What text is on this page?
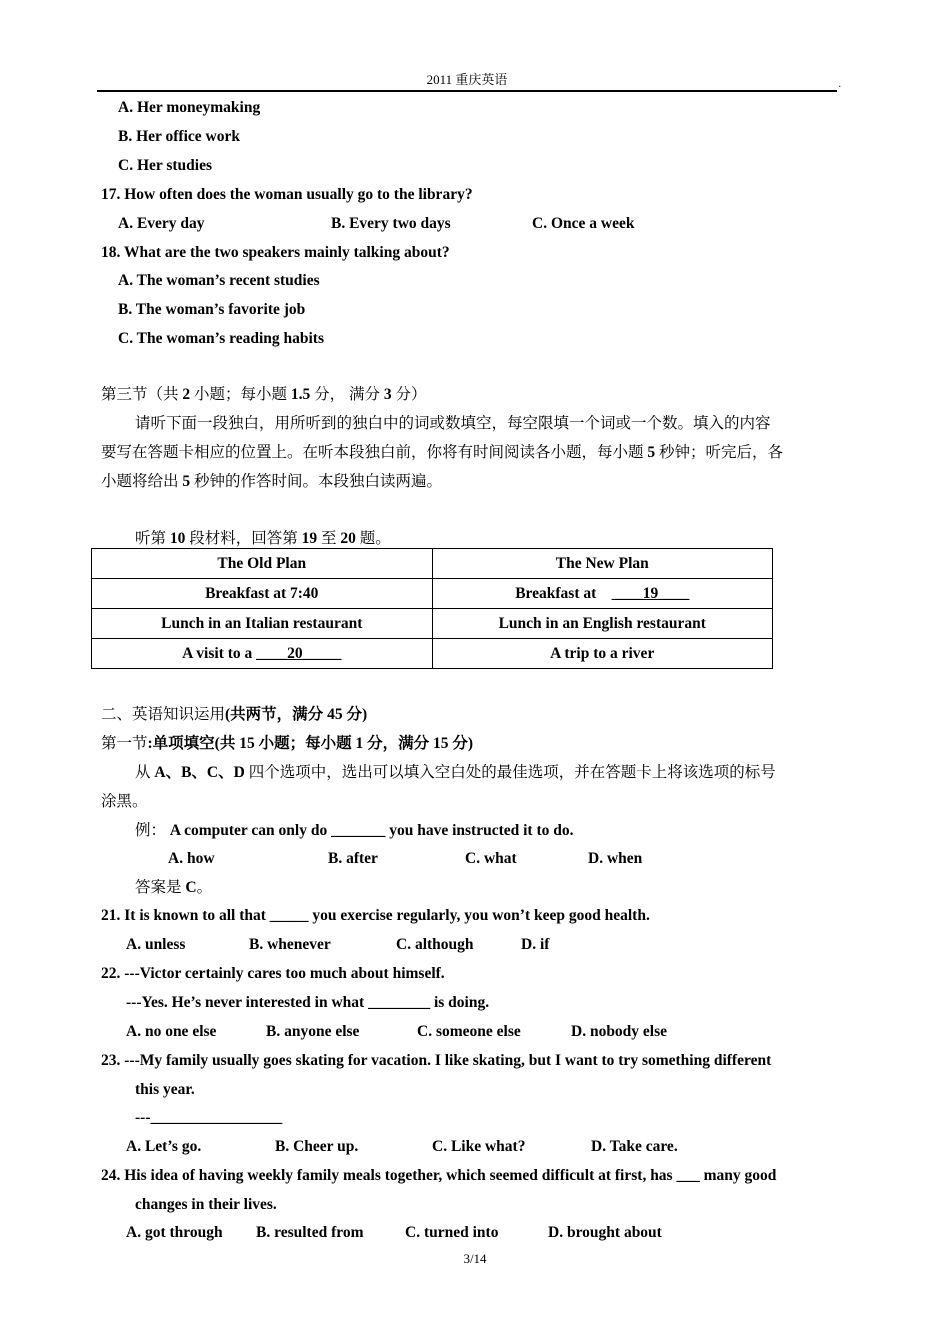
2011 重庆英语	.
A. Her moneymaking
B. Her office work
C. Her studies
17. How often does the woman usually go to the library?
A. Every day	B. Every two days	C. Once a week
18. What are the two speakers mainly talking about?
A. The woman’s recent studies
B. The woman’s favorite job
C. The woman’s reading habits
第三节（共 2 小题；每小题 1.5 分， 满分 3 分）
请听下面一段独白，用所听到的独白中的词或数填空，每空限填一个词或一个数。填入的内容
要写在答题卡相应的位置上。在听本段独白前，你将有时间阅读各小题，每小题 5 秒钟；听完后，各
小题将给出 5 秒钟的作答时间。本段独白读两遍。
听第 10 段材料，回答第 19 至 20 题。
The Old Plan	The New Plan
Breakfast at 7:40	Breakfast at ____19____
Lunch in an Italian restaurant	Lunch in an English restaurant
A visit to a ____20_____	A trip to a river
二、英语知识运用(共两节，满分 45 分)
第一节:单项填空(共 15 小题；每小题 1 分，满分 15 分)
从 A、B、C、D 四个选项中，选出可以填入空白处的最佳选项，并在答题卡上将该选项的标号
涂黑。
例： A computer can only do _______ you have instructed it to do.
A. how	B. after	C. what	D. when
答案是 C。
21. It is known to all that _____ you exercise regularly, you won’t keep good health.
A. unless	B. whenever	C. although	D. if
22. ---Victor certainly cares too much about himself.
---Yes. He’s never interested in what ________ is doing.
A. no one else	B. anyone else	C. someone else	D. nobody else
23. ---My family usually goes skating for vacation. I like skating, but I want to try something different
this year.
---_________________
A. Let’s go.	B. Cheer up.	C. Like what?	D. Take care.
24. His idea of having weekly family meals together, which seemed difficult at first, has ___ many good
changes in their lives.
A. got through B. resulted from	C. turned into	D. brought about
3/14
